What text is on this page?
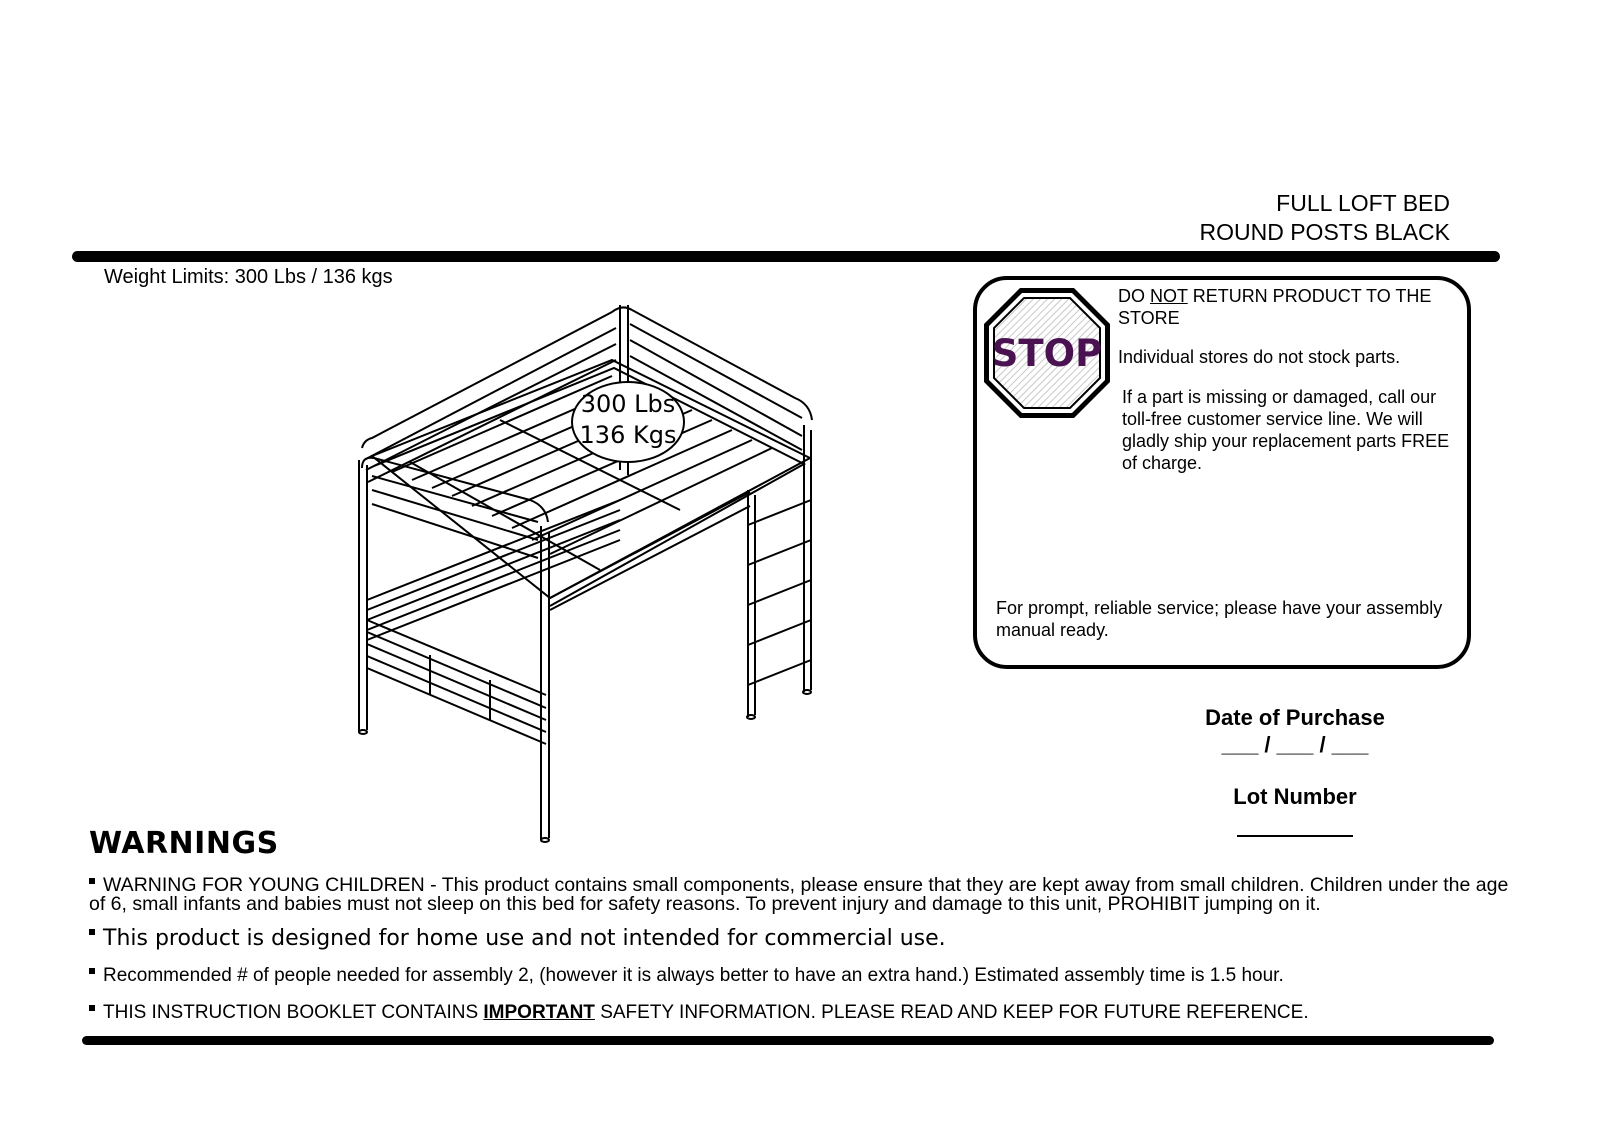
FULL LOFT BED
ROUND POSTS BLACK
Weight Limits: 300 Lbs / 136 kgs
300 Lbs
136 Kgs
STOP
DO NOT RETURN PRODUCT TO THE STORE
Individual stores do not stock parts.
If a part is missing or damaged, call our toll-free customer service line. We will gladly ship your replacement parts FREE of charge.
For prompt, reliable service; please have your assembly manual ready.
Date of Purchase
___ / ___ / ___
Lot Number
WARNINGS
WARNING FOR YOUNG CHILDREN - This product contains small components, please ensure that they are kept away from small children. Children under the age of 6, small infants and babies must not sleep on this bed for safety reasons. To prevent injury and damage to this unit, PROHIBIT jumping on it.
This product is designed for home use and not intended for commercial use.
Recommended # of people needed for assembly 2, (however it is always better to have an extra hand.) Estimated assembly time is 1.5 hour.
THIS INSTRUCTION BOOKLET CONTAINS IMPORTANT SAFETY INFORMATION. PLEASE READ AND KEEP FOR FUTURE REFERENCE.
